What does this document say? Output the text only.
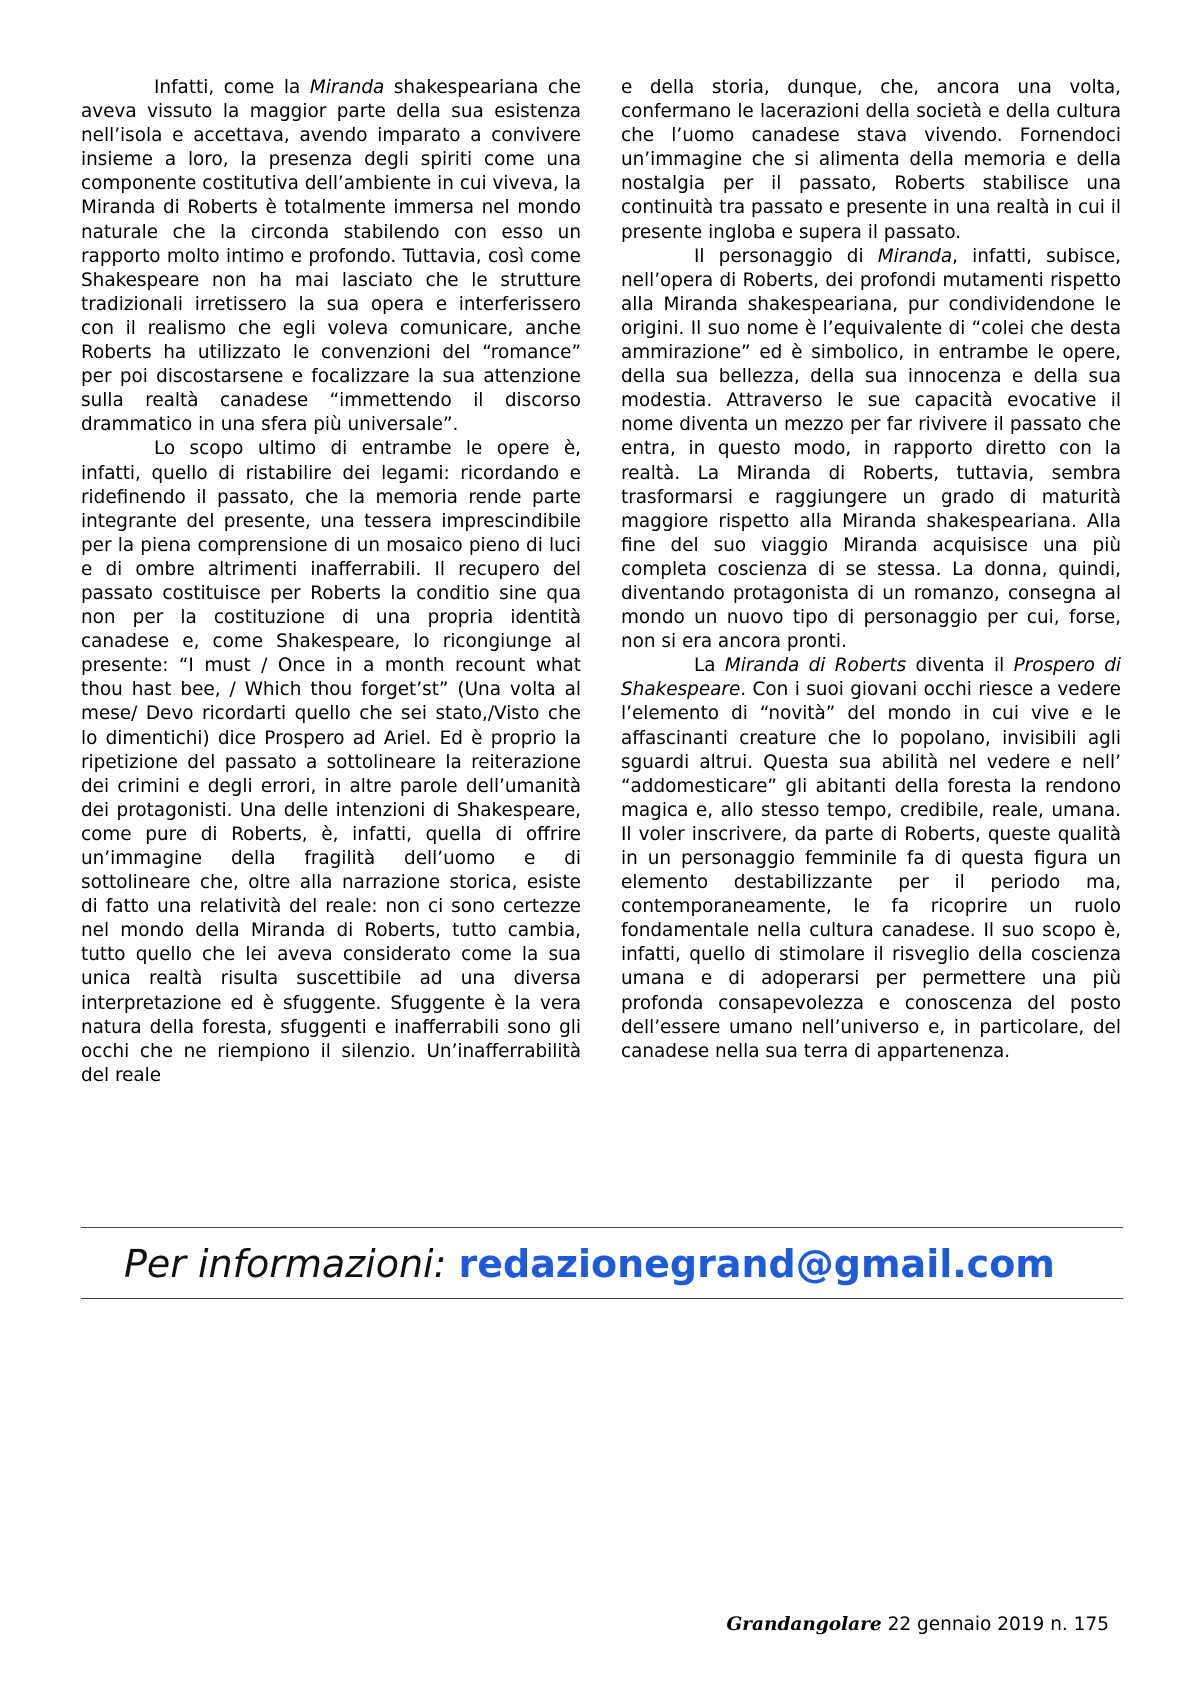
Infatti, come la Miranda shakespeariana che aveva vissuto la maggior parte della sua esistenza nell’isola e accettava, avendo imparato a convivere insieme a loro, la presenza degli spiriti come una componente costitutiva dell’ambiente in cui viveva, la Miranda di Roberts è totalmente immersa nel mondo naturale che la circonda stabilendo con esso un rapporto molto intimo e profondo. Tuttavia, così come Shakespeare non ha mai lasciato che le strutture tradizionali irretissero la sua opera e interferissero con il realismo che egli voleva comunicare, anche Roberts ha utilizzato le convenzioni del “romance” per poi discostarsene e focalizzare la sua attenzione sulla realtà canadese “immettendo il discorso drammatico in una sfera più universale”.

Lo scopo ultimo di entrambe le opere è, infatti, quello di ristabilire dei legami: ricordando e ridefinendo il passato, che la memoria rende parte integrante del presente, una tessera imprescindibile per la piena comprensione di un mosaico pieno di luci e di ombre altrimenti inafferrabili. Il recupero del passato costituisce per Roberts la conditio sine qua non per la costituzione di una propria identità canadese e, come Shakespeare, lo ricongiunge al presente: “I must / Once in a month recount what thou hast bee, / Which thou forget’st” (Una volta al mese/ Devo ricordarti quello che sei stato,/Visto che lo dimentichi) dice Prospero ad Ariel. Ed è proprio la ripetizione del passato a sottolineare la reiterazione dei crimini e degli errori, in altre parole dell’umanità dei protagonisti. Una delle intenzioni di Shakespeare, come pure di Roberts, è, infatti, quella di offrire un’immagine della fragilità dell’uomo e di sottolineare che, oltre alla narrazione storica, esiste di fatto una relatività del reale: non ci sono certezze nel mondo della Miranda di Roberts, tutto cambia, tutto quello che lei aveva considerato come la sua unica realtà risulta suscettibile ad una diversa interpretazione ed è sfuggente. Sfuggente è la vera natura della foresta, sfuggenti e inafferrabili sono gli occhi che ne riempiono il silenzio. Un’inafferrabilità del reale

e della storia, dunque, che, ancora una volta, confermano le lacerazioni della società e della cultura che l’uomo canadese stava vivendo. Fornendoci un’immagine che si alimenta della memoria e della nostalgia per il passato, Roberts stabilisce una continuità tra passato e presente in una realtà in cui il presente ingloba e supera il passato.

Il personaggio di Miranda, infatti, subisce, nell’opera di Roberts, dei profondi mutamenti rispetto alla Miranda shakespeariana, pur condividendone le origini. Il suo nome è l’equivalente di “colei che desta ammirazione” ed è simbolico, in entrambe le opere, della sua bellezza, della sua innocenza e della sua modestia. Attraverso le sue capacità evocative il nome diventa un mezzo per far rivivere il passato che entra, in questo modo, in rapporto diretto con la realtà. La Miranda di Roberts, tuttavia, sembra trasformarsi e raggiungere un grado di maturità maggiore rispetto alla Miranda shakespeariana. Alla fine del suo viaggio Miranda acquisisce una più completa coscienza di se stessa. La donna, quindi, diventando protagonista di un romanzo, consegna al mondo un nuovo tipo di personaggio per cui, forse, non si era ancora pronti.

La Miranda di Roberts diventa il Prospero di Shakespeare. Con i suoi giovani occhi riesce a vedere l’elemento di “novità” del mondo in cui vive e le affascinanti creature che lo popolano, invisibili agli sguardi altrui. Questa sua abilità nel vedere e nell’ “addomesticare” gli abitanti della foresta la rendono magica e, allo stesso tempo, credibile, reale, umana. Il voler inscrivere, da parte di Roberts, queste qualità in un personaggio femminile fa di questa figura un elemento destabilizzante per il periodo ma, contemporaneamente, le fa ricoprire un ruolo fondamentale nella cultura canadese. Il suo scopo è, infatti, quello di stimolare il risveglio della coscienza umana e di adoperarsi per permettere una più profonda consapevolezza e conoscenza del posto dell’essere umano nell’universo e, in particolare, del canadese nella sua terra di appartenenza.

Per informazioni: redazionegrand@gmail.com
Grandangolare 22 gennaio 2019 n. 175
